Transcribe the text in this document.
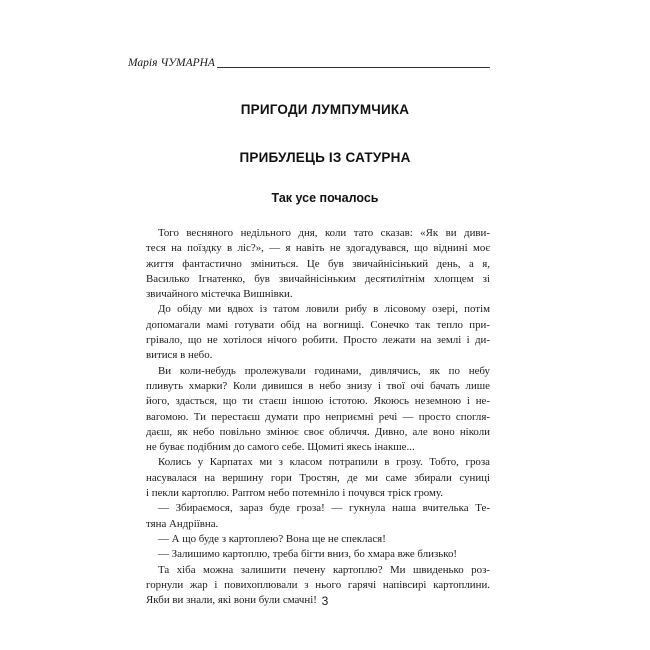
Марія ЧУМАРНА
ПРИГОДИ ЛУМПУМЧИКА
ПРИБУЛЕЦЬ ІЗ САТУРНА
Так усе почалось
Того весняного недільного дня, коли тато сказав: «Як ви диви-
теся на поїздку в ліс?», — я навіть не здогадувався, що віднині моє
життя фантастично зміниться. Це був звичайнісінький день, а я,
Василько Ігнатенко, був звичайнісіньким десятилітнім хлопцем зі
звичайного містечка Вишнівки.
До обіду ми вдвох із татом ловили рибу в лісовому озері, потім
допомагали мамі готувати обід на вогнищі. Сонечко так тепло при-
грівало, що не хотілося нічого робити. Просто лежати на землі і ди-
витися в небо.
Ви коли-небудь пролежували годинами, дивлячись, як по небу
пливуть хмарки? Коли дивишся в небо знизу і твої очі бачать лише
його, здасться, що ти стаєш іншою істотою. Якоюсь неземною і не-
вагомою. Ти перестаєш думати про неприємні речі — просто спогля-
даєш, як небо повільно змінює своє обличчя. Дивно, але воно ніколи
не буває подібним до самого себе. Щомиті якесь інакше...
Колись у Карпатах ми з класом потрапили в грозу. Тобто, гроза
насувалася на вершину гори Тростян, де ми саме збирали суниці
і пекли картоплю. Раптом небо потемніло і почувся тріск грому.
— Збираємося, зараз буде гроза! — гукнула наша вчителька Те-
тяна Андріївна.
— А що буде з картоплею? Вона ще не спеклася!
— Залишимо картоплю, треба бігти вниз, бо хмара вже близько!
Та хіба можна залишити печену картоплю? Ми швиденько роз-
горнули жар і повихоплювали з нього гарячі напівсирі картоплини.
Якби ви знали, які вони були смачні! 3
